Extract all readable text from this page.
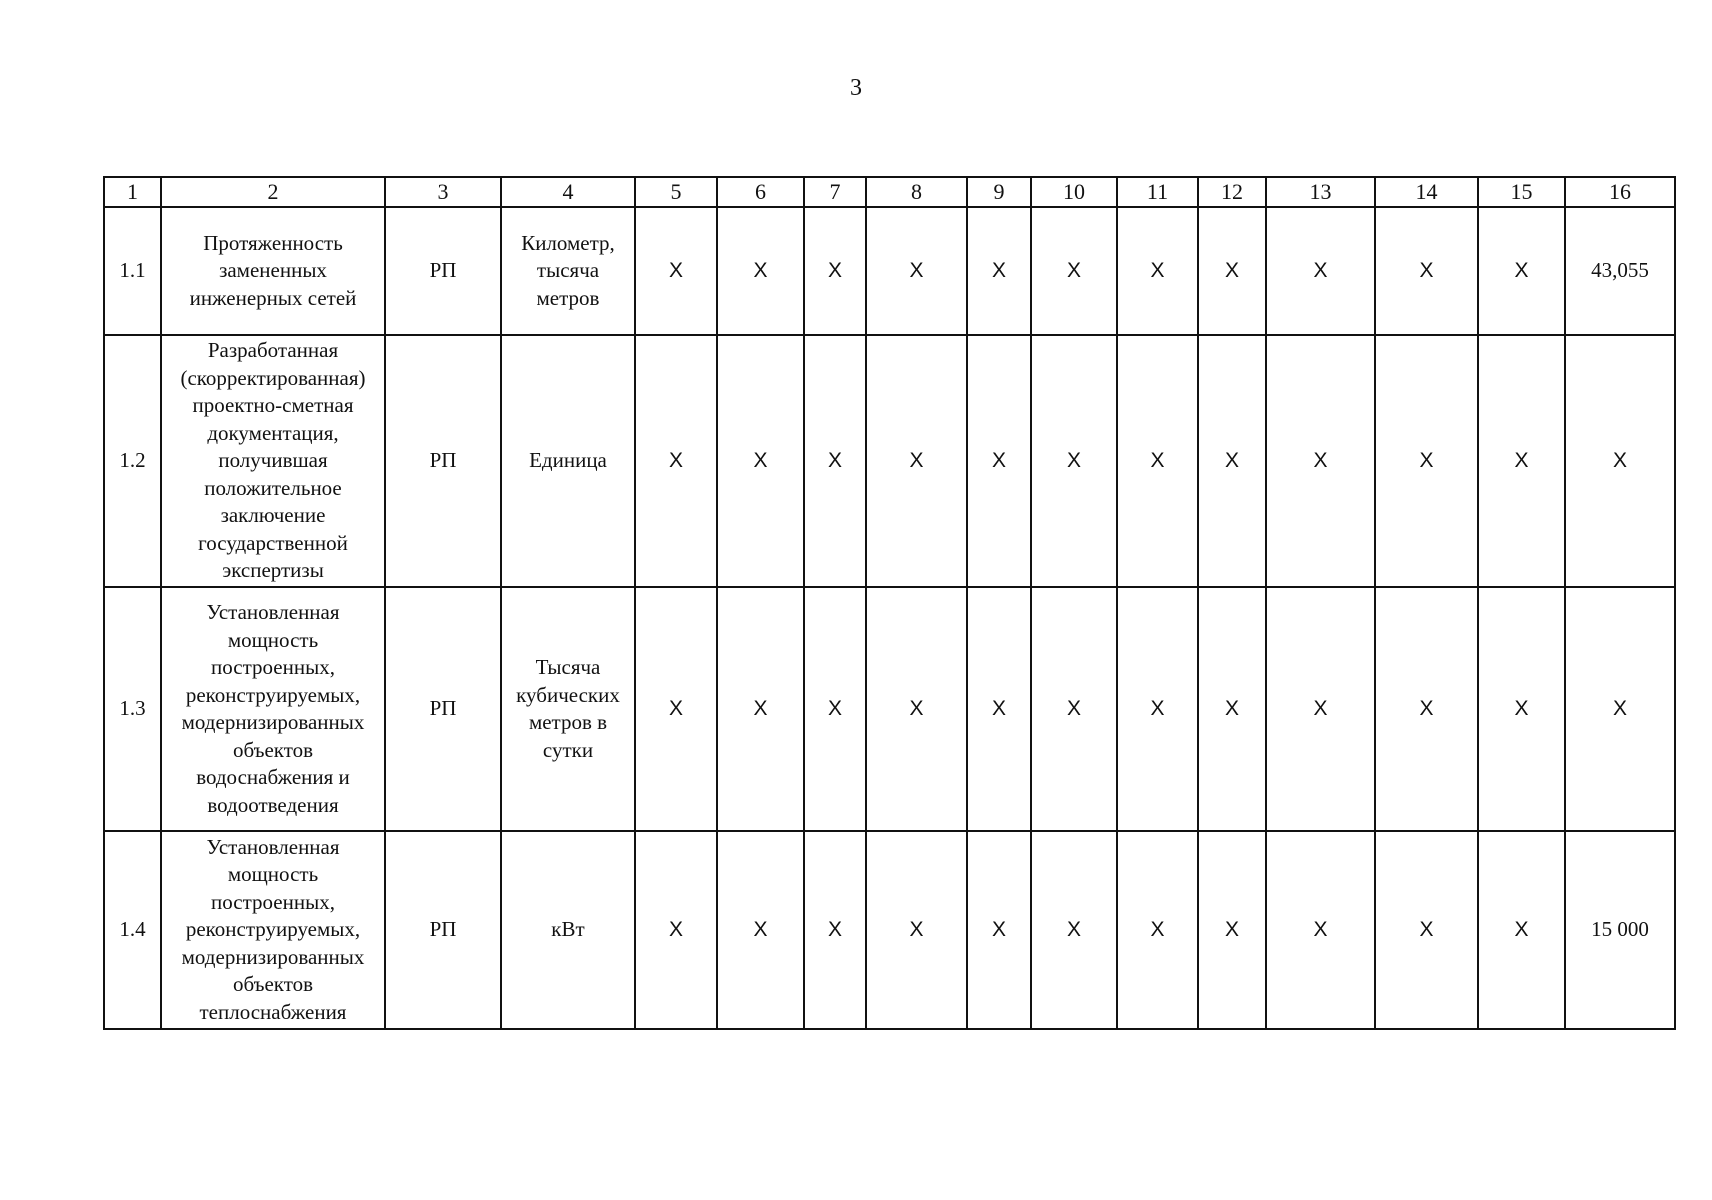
3
1	2	3	4	5	6	7	8	9	10	11	12	13	14	15	16
1.1	Протяженность замененных инженерных сетей	РП	Километр, тысяча метров	Х	Х	Х	Х	Х	Х	Х	Х	Х	Х	Х	43,055
1.2	Разработанная (скорректированная) проектно-сметная документация, получившая положительное заключение государственной экспертизы	РП	Единица	Х	Х	Х	Х	Х	Х	Х	Х	Х	Х	Х	Х
1.3	Установленная мощность построенных, реконструируемых, модернизированных объектов водоснабжения и водоотведения	РП	Тысяча кубических метров в сутки	Х	Х	Х	Х	Х	Х	Х	Х	Х	Х	Х	Х
1.4	Установленная мощность построенных, реконструируемых, модернизированных объектов теплоснабжения	РП	кВт	Х	Х	Х	Х	Х	Х	Х	Х	Х	Х	Х	15 000
